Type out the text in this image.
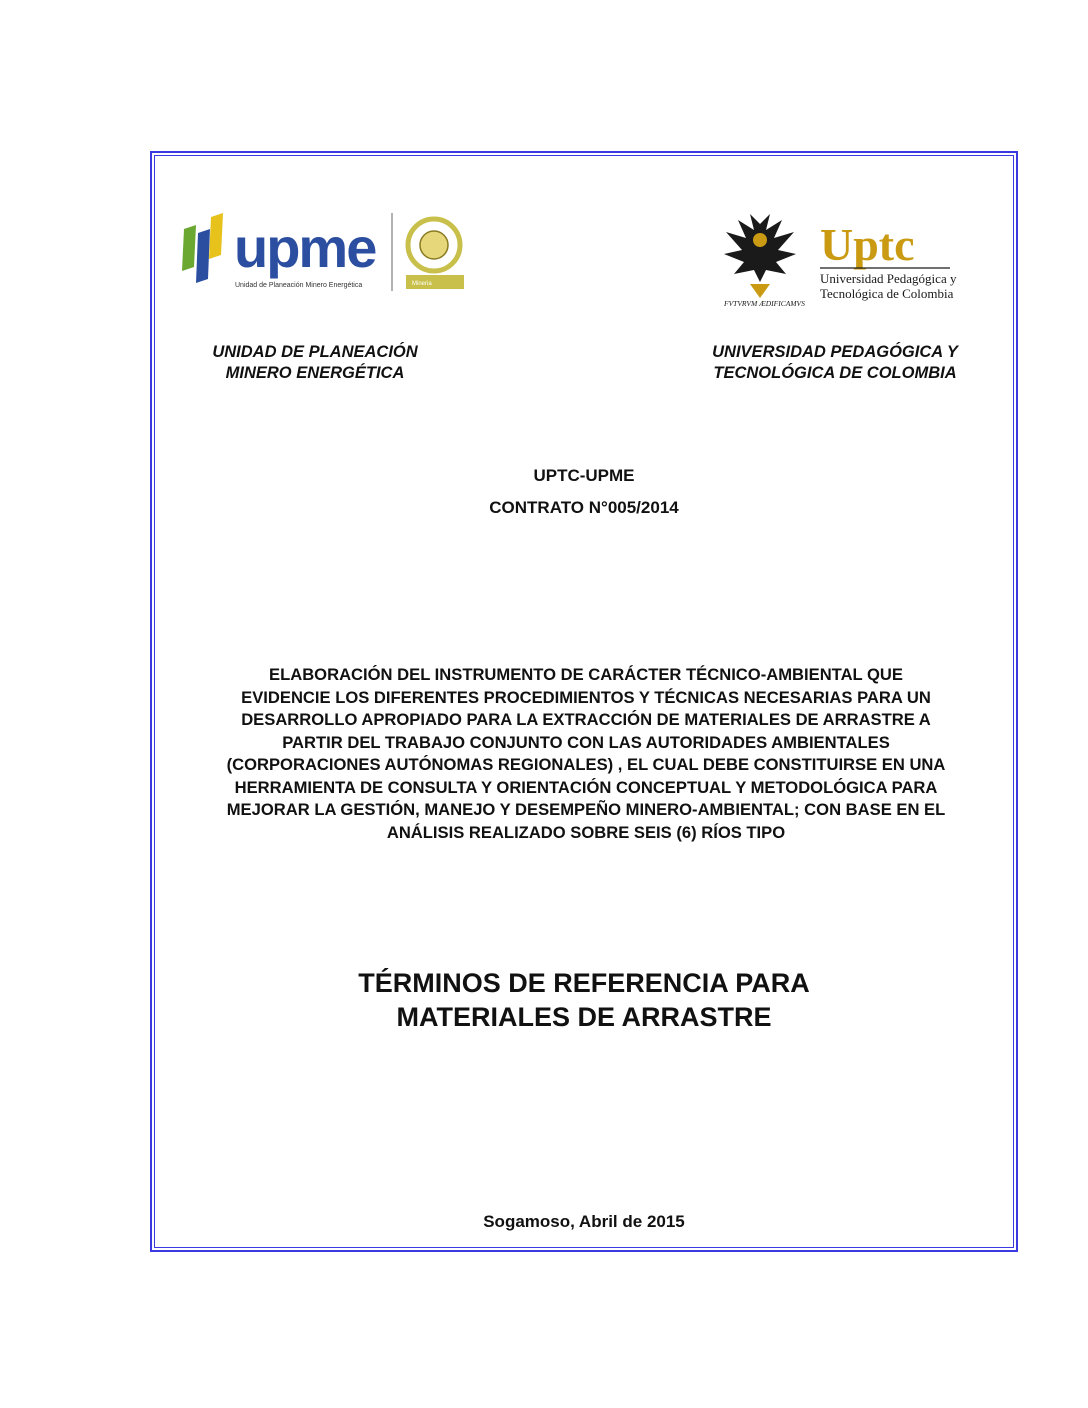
upme
Unidad de Planeación Minero Energética	Mineria
FVTVRVM ÆDIFICAMVS
Uptc
Universidad Pedagógica y
Tecnológica de Colombia
UNIDAD DE PLANEACIÓN
MINERO ENERGÉTICA
UNIVERSIDAD PEDAGÓGICA Y
TECNOLÓGICA DE COLOMBIA
UPTC-UPME
CONTRATO N°005/2014
ELABORACIÓN DEL INSTRUMENTO DE CARÁCTER TÉCNICO-AMBIENTAL QUE
EVIDENCIE LOS DIFERENTES PROCEDIMIENTOS Y TÉCNICAS NECESARIAS PARA UN
DESARROLLO APROPIADO PARA LA EXTRACCIÓN DE MATERIALES DE ARRASTRE A
PARTIR DEL TRABAJO CONJUNTO CON LAS AUTORIDADES AMBIENTALES
(CORPORACIONES AUTÓNOMAS REGIONALES) , EL CUAL DEBE CONSTITUIRSE EN UNA
HERRAMIENTA DE CONSULTA Y ORIENTACIÓN CONCEPTUAL Y METODOLÓGICA PARA
MEJORAR LA GESTIÓN, MANEJO Y DESEMPEÑO MINERO-AMBIENTAL; CON BASE EN EL
ANÁLISIS REALIZADO SOBRE SEIS (6) RÍOS TIPO
TÉRMINOS DE REFERENCIA PARA
MATERIALES DE ARRASTRE
Sogamoso, Abril de 2015
